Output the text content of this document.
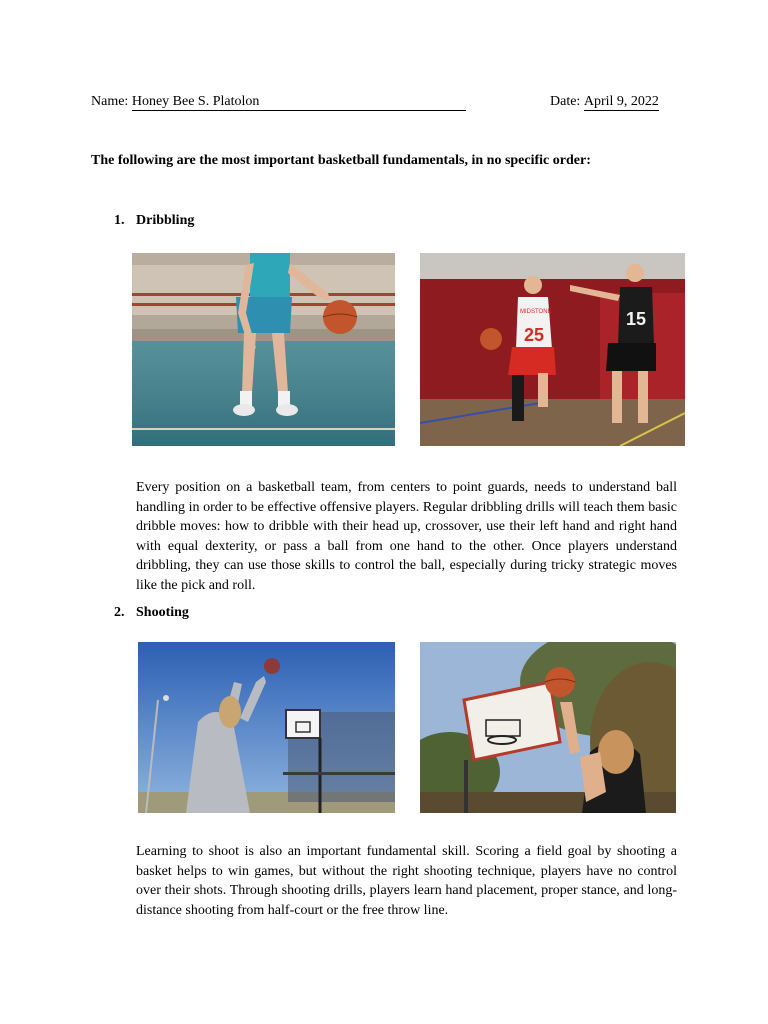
Name: Honey Bee S. Platolon	Date: April 9, 2022
The following are the most important basketball fundamentals, in no specific order:
1. Dribbling
25
MIDSTONE	15
Every position on a basketball team, from centers to point guards, needs to understand ball handling in order to be effective offensive players. Regular dribbling drills will teach them basic dribble moves: how to dribble with their head up, crossover, use their left hand and right hand with equal dexterity, or pass a ball from one hand to the other. Once players understand dribbling, they can use those skills to control the ball, especially during tricky strategic moves like the pick and roll.
2. Shooting
Learning to shoot is also an important fundamental skill. Scoring a field goal by shooting a basket helps to win games, but without the right shooting technique, players have no control over their shots. Through shooting drills, players learn hand placement, proper stance, and long-distance shooting from half-court or the free throw line.
